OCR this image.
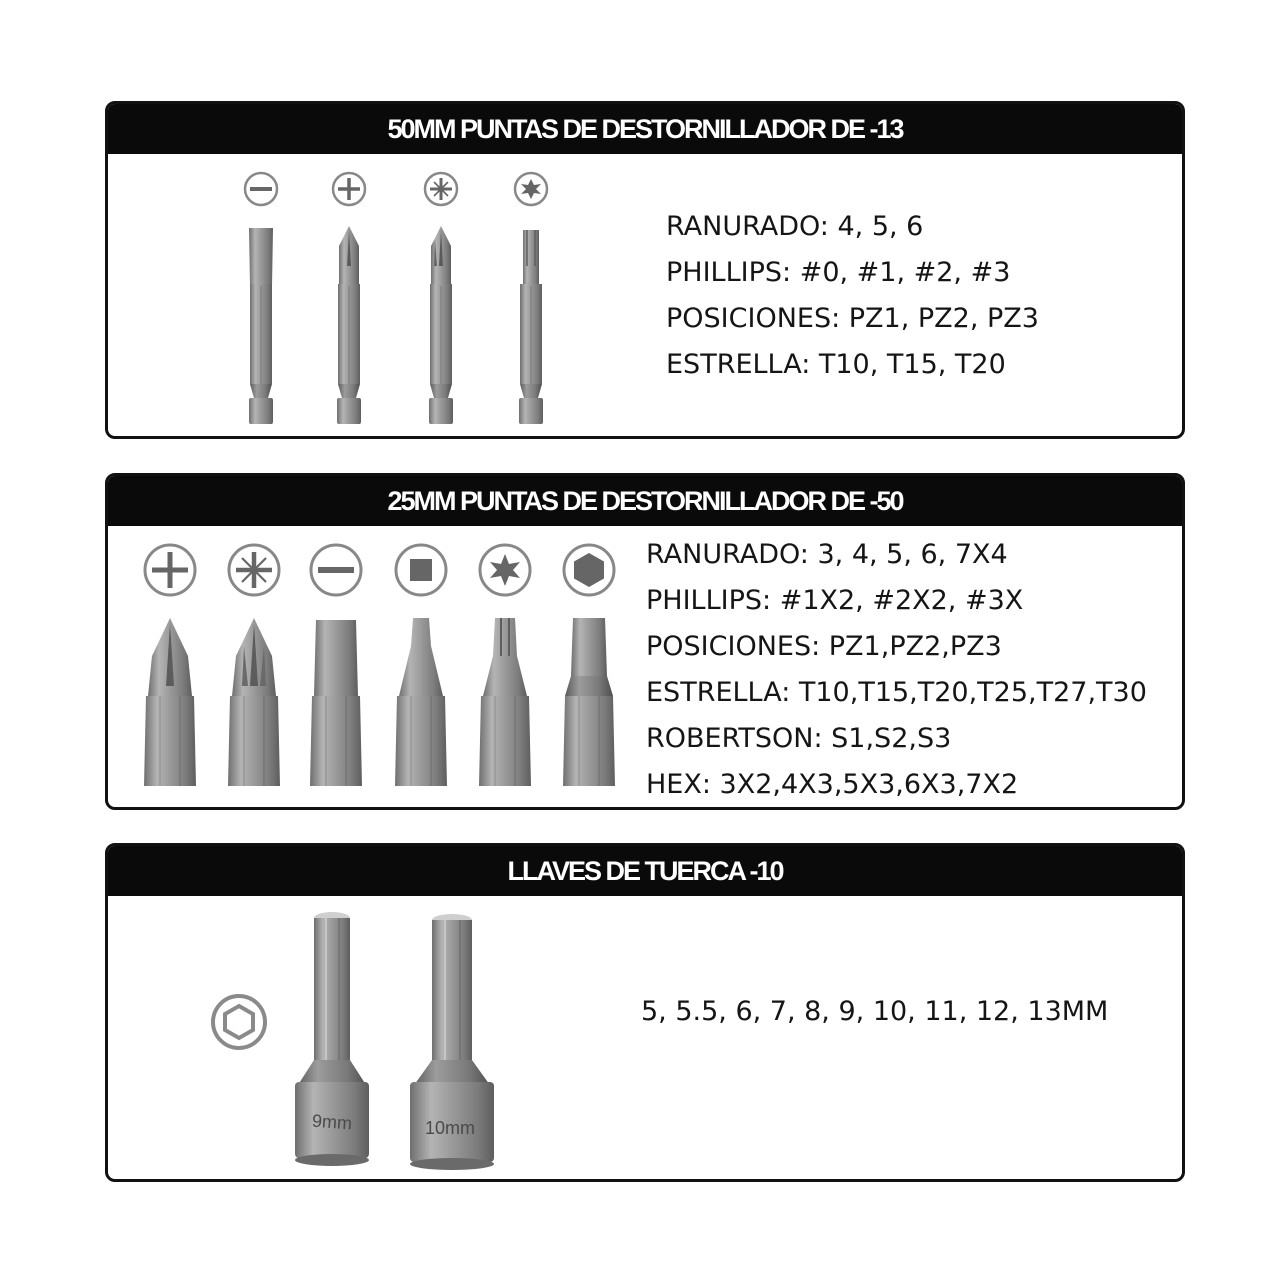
50MM PUNTAS DE DESTORNILLADOR DE -13
RANURADO: 4, 5, 6
PHILLIPS: #0, #1, #2, #3
POSICIONES: PZ1, PZ2, PZ3
ESTRELLA: T10, T15, T20
25MM PUNTAS DE DESTORNILLADOR DE -50
RANURADO: 3, 4, 5, 6, 7X4
PHILLIPS: #1X2, #2X2, #3X
POSICIONES: PZ1,PZ2,PZ3
ESTRELLA: T10,T15,T20,T25,T27,T30
ROBERTSON: S1,S2,S3
HEX: 3X2,4X3,5X3,6X3,7X2
LLAVES DE TUERCA -10
9mm	10mm
5, 5.5, 6, 7, 8, 9, 10, 11, 12, 13MM
